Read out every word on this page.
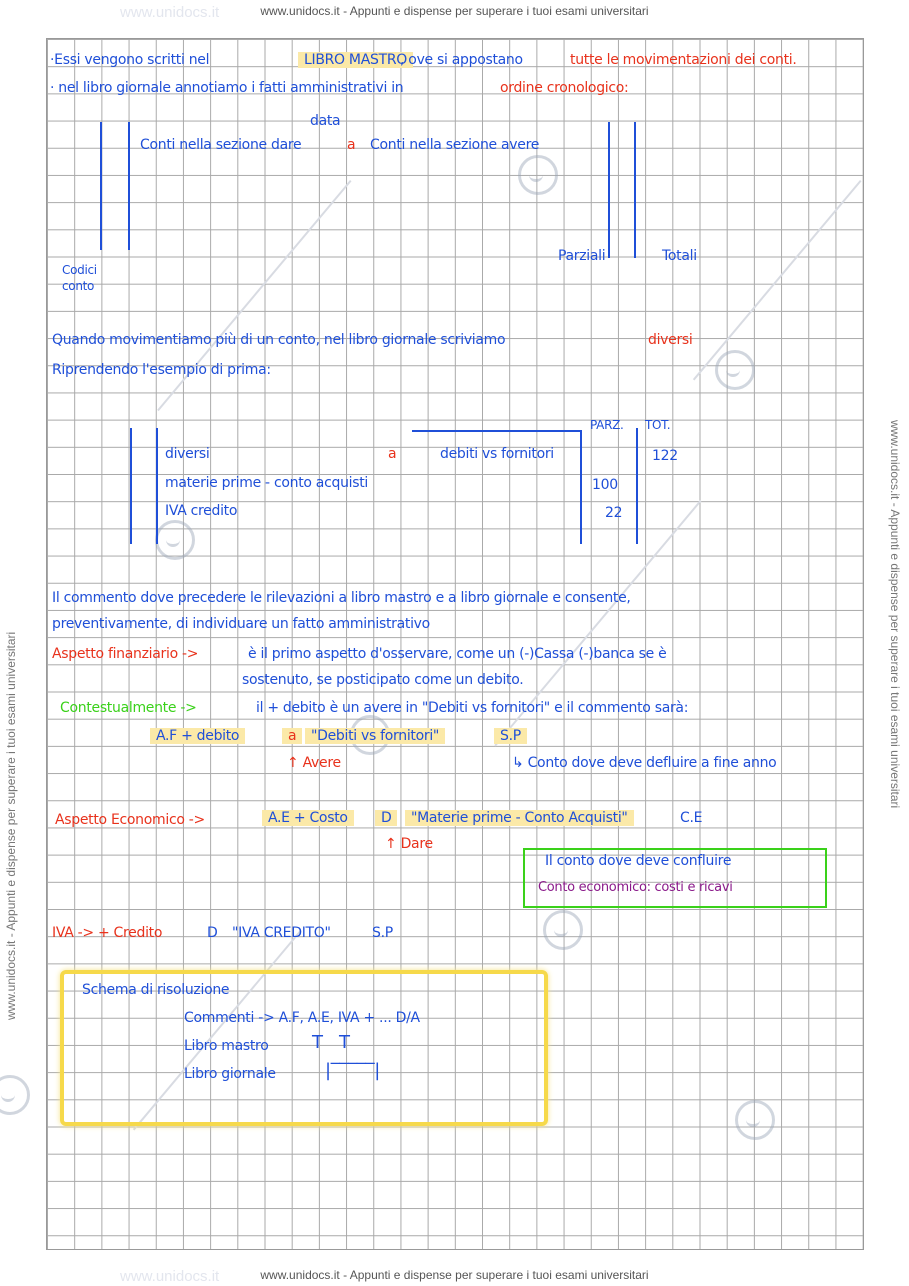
www.unidocs.it - Appunti e dispense per superare i tuoi esami universitari
www.unidocs.it - Appunti e dispense per superare i tuoi esami universitari
www.unidocs.it
www.unidocs.it
www.unidocs.it - Appunti e dispense per superare i tuoi esami universitari
www.unidocs.it - Appunti e dispense per superare i tuoi esami universitari
·Essi vengono scritti nel	LIBRO MASTRO
, ove si appostano	tutte le movimentazioni dei conti.
· nel libro giornale annotiamo i fatti amministrativi in	ordine cronologico:
data
Conti nella sezione dare	a Conti nella sezione avere
Codici conto
Parziali	Totali
Quando movimentiamo più di un conto, nel libro giornale scriviamo	diversi
Riprendendo l'esempio di prima:
PARZ. TOT.
diversi	a	debiti vs fornitori	122
materie prime - conto acquisti	100
IVA credito	22
Il commento dove precedere le rilevazioni a libro mastro e a libro giornale e consente,
preventivamente, di individuare un fatto amministrativo
Aspetto finanziario ->	è il primo aspetto d'osservare, come un (-)Cassa (-)banca se è
sostenuto, se posticipato come un debito.
Contestualmente ->	il + debito è un avere in "Debiti vs fornitori" e il commento sarà:
A.F + debito	a	"Debiti vs fornitori"	S.P
↑ Avere	↳ Conto dove deve defluire a fine anno
Aspetto Economico ->	A.E + Costo	D	"Materie prime - Conto Acquisti"	C.E
↑ Dare
Il conto dove deve confluire
Conto economico: costi e ricavi
IVA -> + Credito	D "IVA CREDITO"	S.P
Schema di risoluzione
Commenti -> A.F, A.E, IVA + ... D/A
Libro mastro T   T
Libro giornale	|‾‾‾‾‾|
